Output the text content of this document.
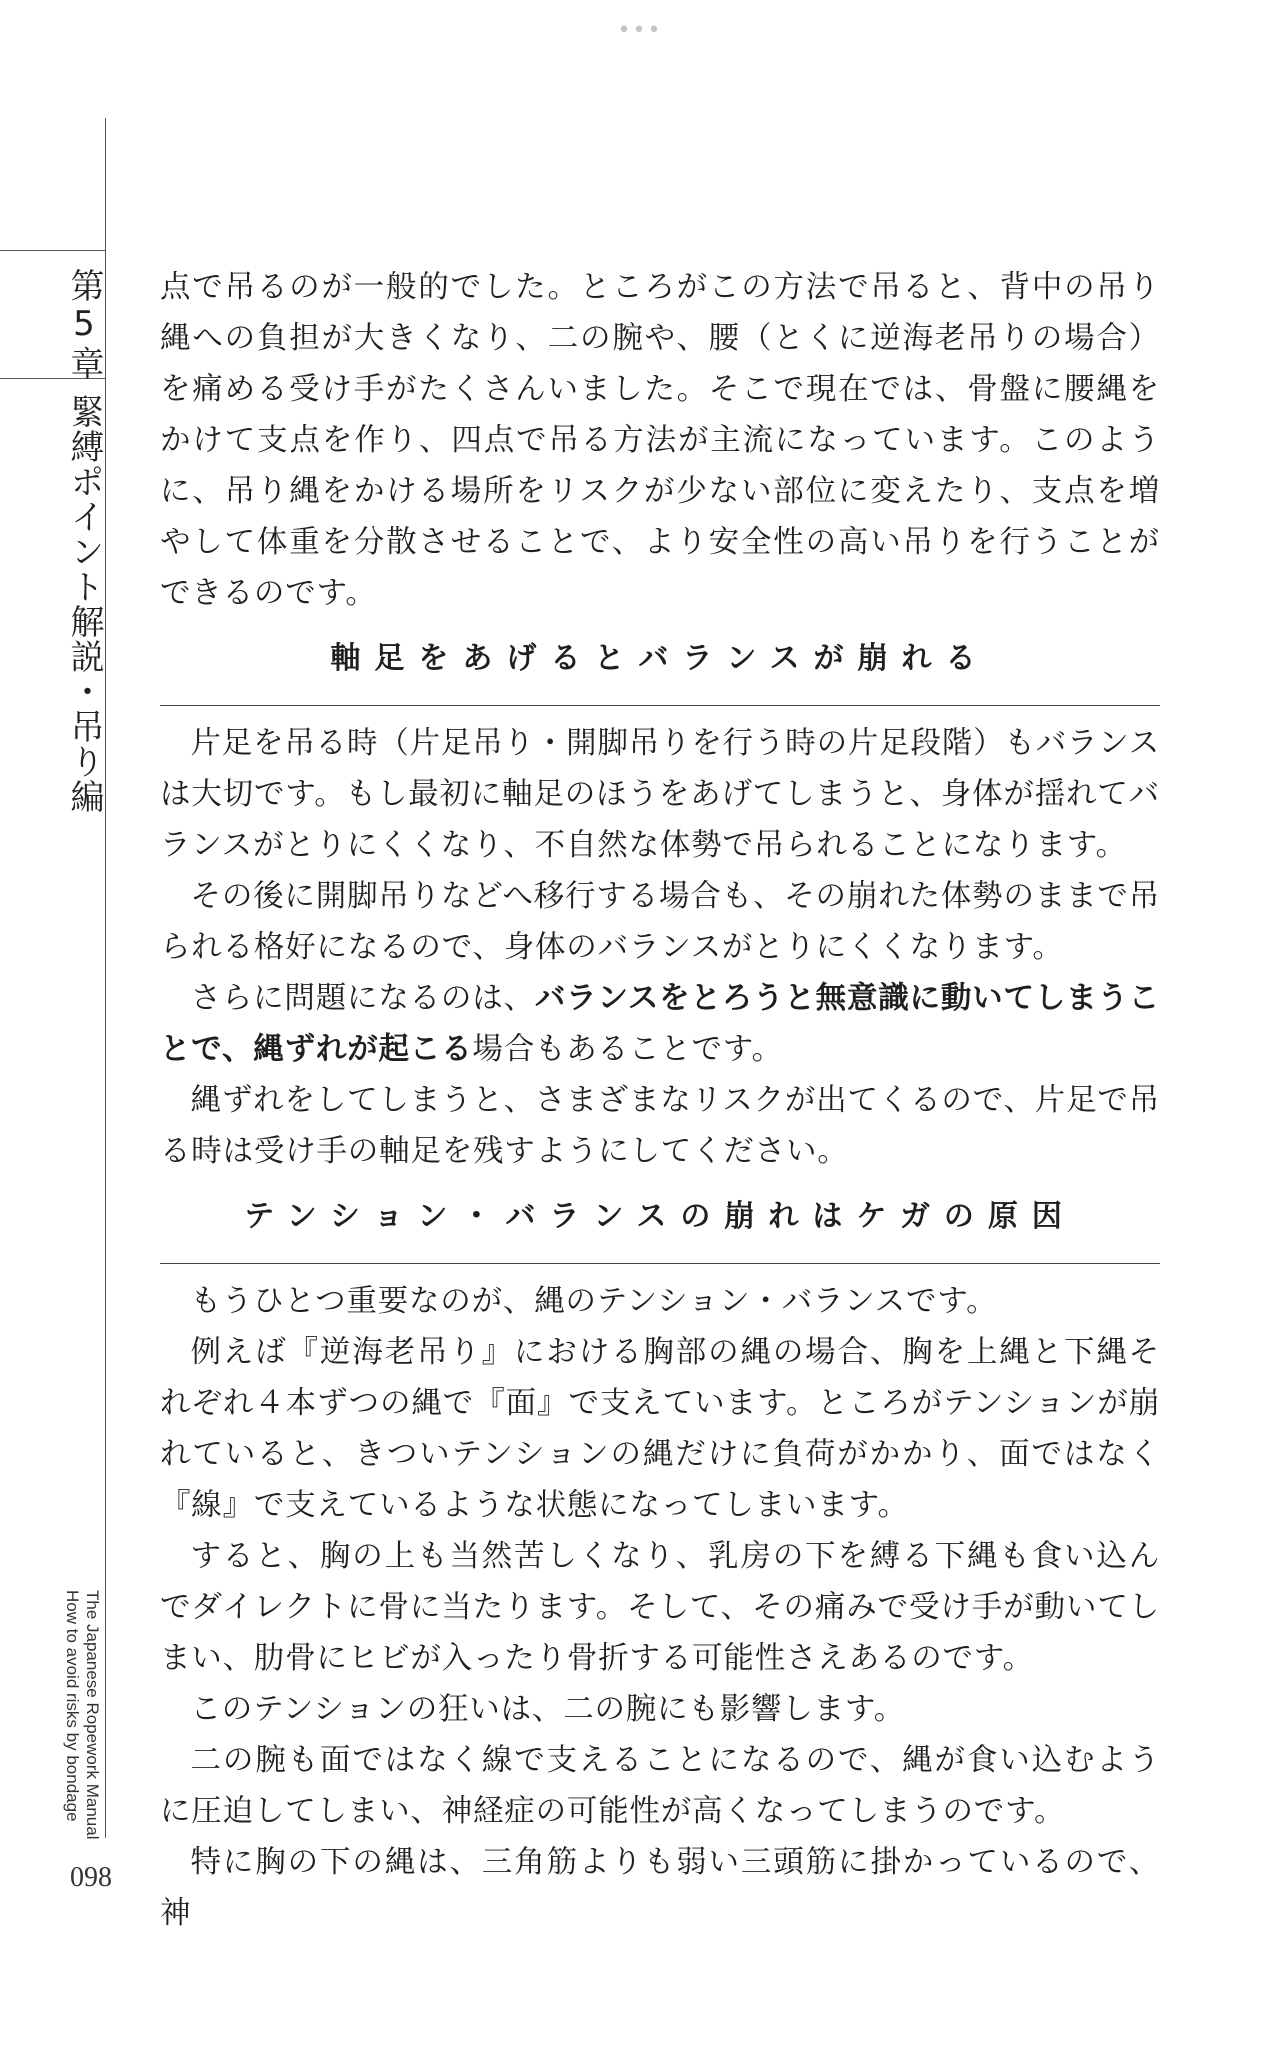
•••
第5章
緊縛ポイント解説・吊り編
The Japanese Ropework Manual
How to avoid risks by bondage
098

点で吊るのが一般的でした。ところがこの方法で吊ると、背中の吊り縄への負担が大きくなり、二の腕や、腰（とくに逆海老吊りの場合）を痛める受け手がたくさんいました。そこで現在では、骨盤に腰縄をかけて支点を作り、四点で吊る方法が主流になっています。このように、吊り縄をかける場所をリスクが少ない部位に変えたり、支点を増やして体重を分散させることで、より安全性の高い吊りを行うことができるのです。

軸足をあげるとバランスが崩れる

片足を吊る時（片足吊り・開脚吊りを行う時の片足段階）もバランスは大切です。もし最初に軸足のほうをあげてしまうと、身体が揺れてバランスがとりにくくなり、不自然な体勢で吊られることになります。

その後に開脚吊りなどへ移行する場合も、その崩れた体勢のままで吊られる格好になるので、身体のバランスがとりにくくなります。

さらに問題になるのは、バランスをとろうと無意識に動いてしまうことで、縄ずれが起こる場合もあることです。

縄ずれをしてしまうと、さまざまなリスクが出てくるので、片足で吊る時は受け手の軸足を残すようにしてください。

テンション・バランスの崩れはケガの原因

もうひとつ重要なのが、縄のテンション・バランスです。

例えば『逆海老吊り』における胸部の縄の場合、胸を上縄と下縄それぞれ４本ずつの縄で『面』で支えています。ところがテンションが崩れていると、きついテンションの縄だけに負荷がかかり、面ではなく『線』で支えているような状態になってしまいます。

すると、胸の上も当然苦しくなり、乳房の下を縛る下縄も食い込んでダイレクトに骨に当たります。そして、その痛みで受け手が動いてしまい、肋骨にヒビが入ったり骨折する可能性さえあるのです。

このテンションの狂いは、二の腕にも影響します。

二の腕も面ではなく線で支えることになるので、縄が食い込むように圧迫してしまい、神経症の可能性が高くなってしまうのです。

特に胸の下の縄は、三角筋よりも弱い三頭筋に掛かっているので、神
